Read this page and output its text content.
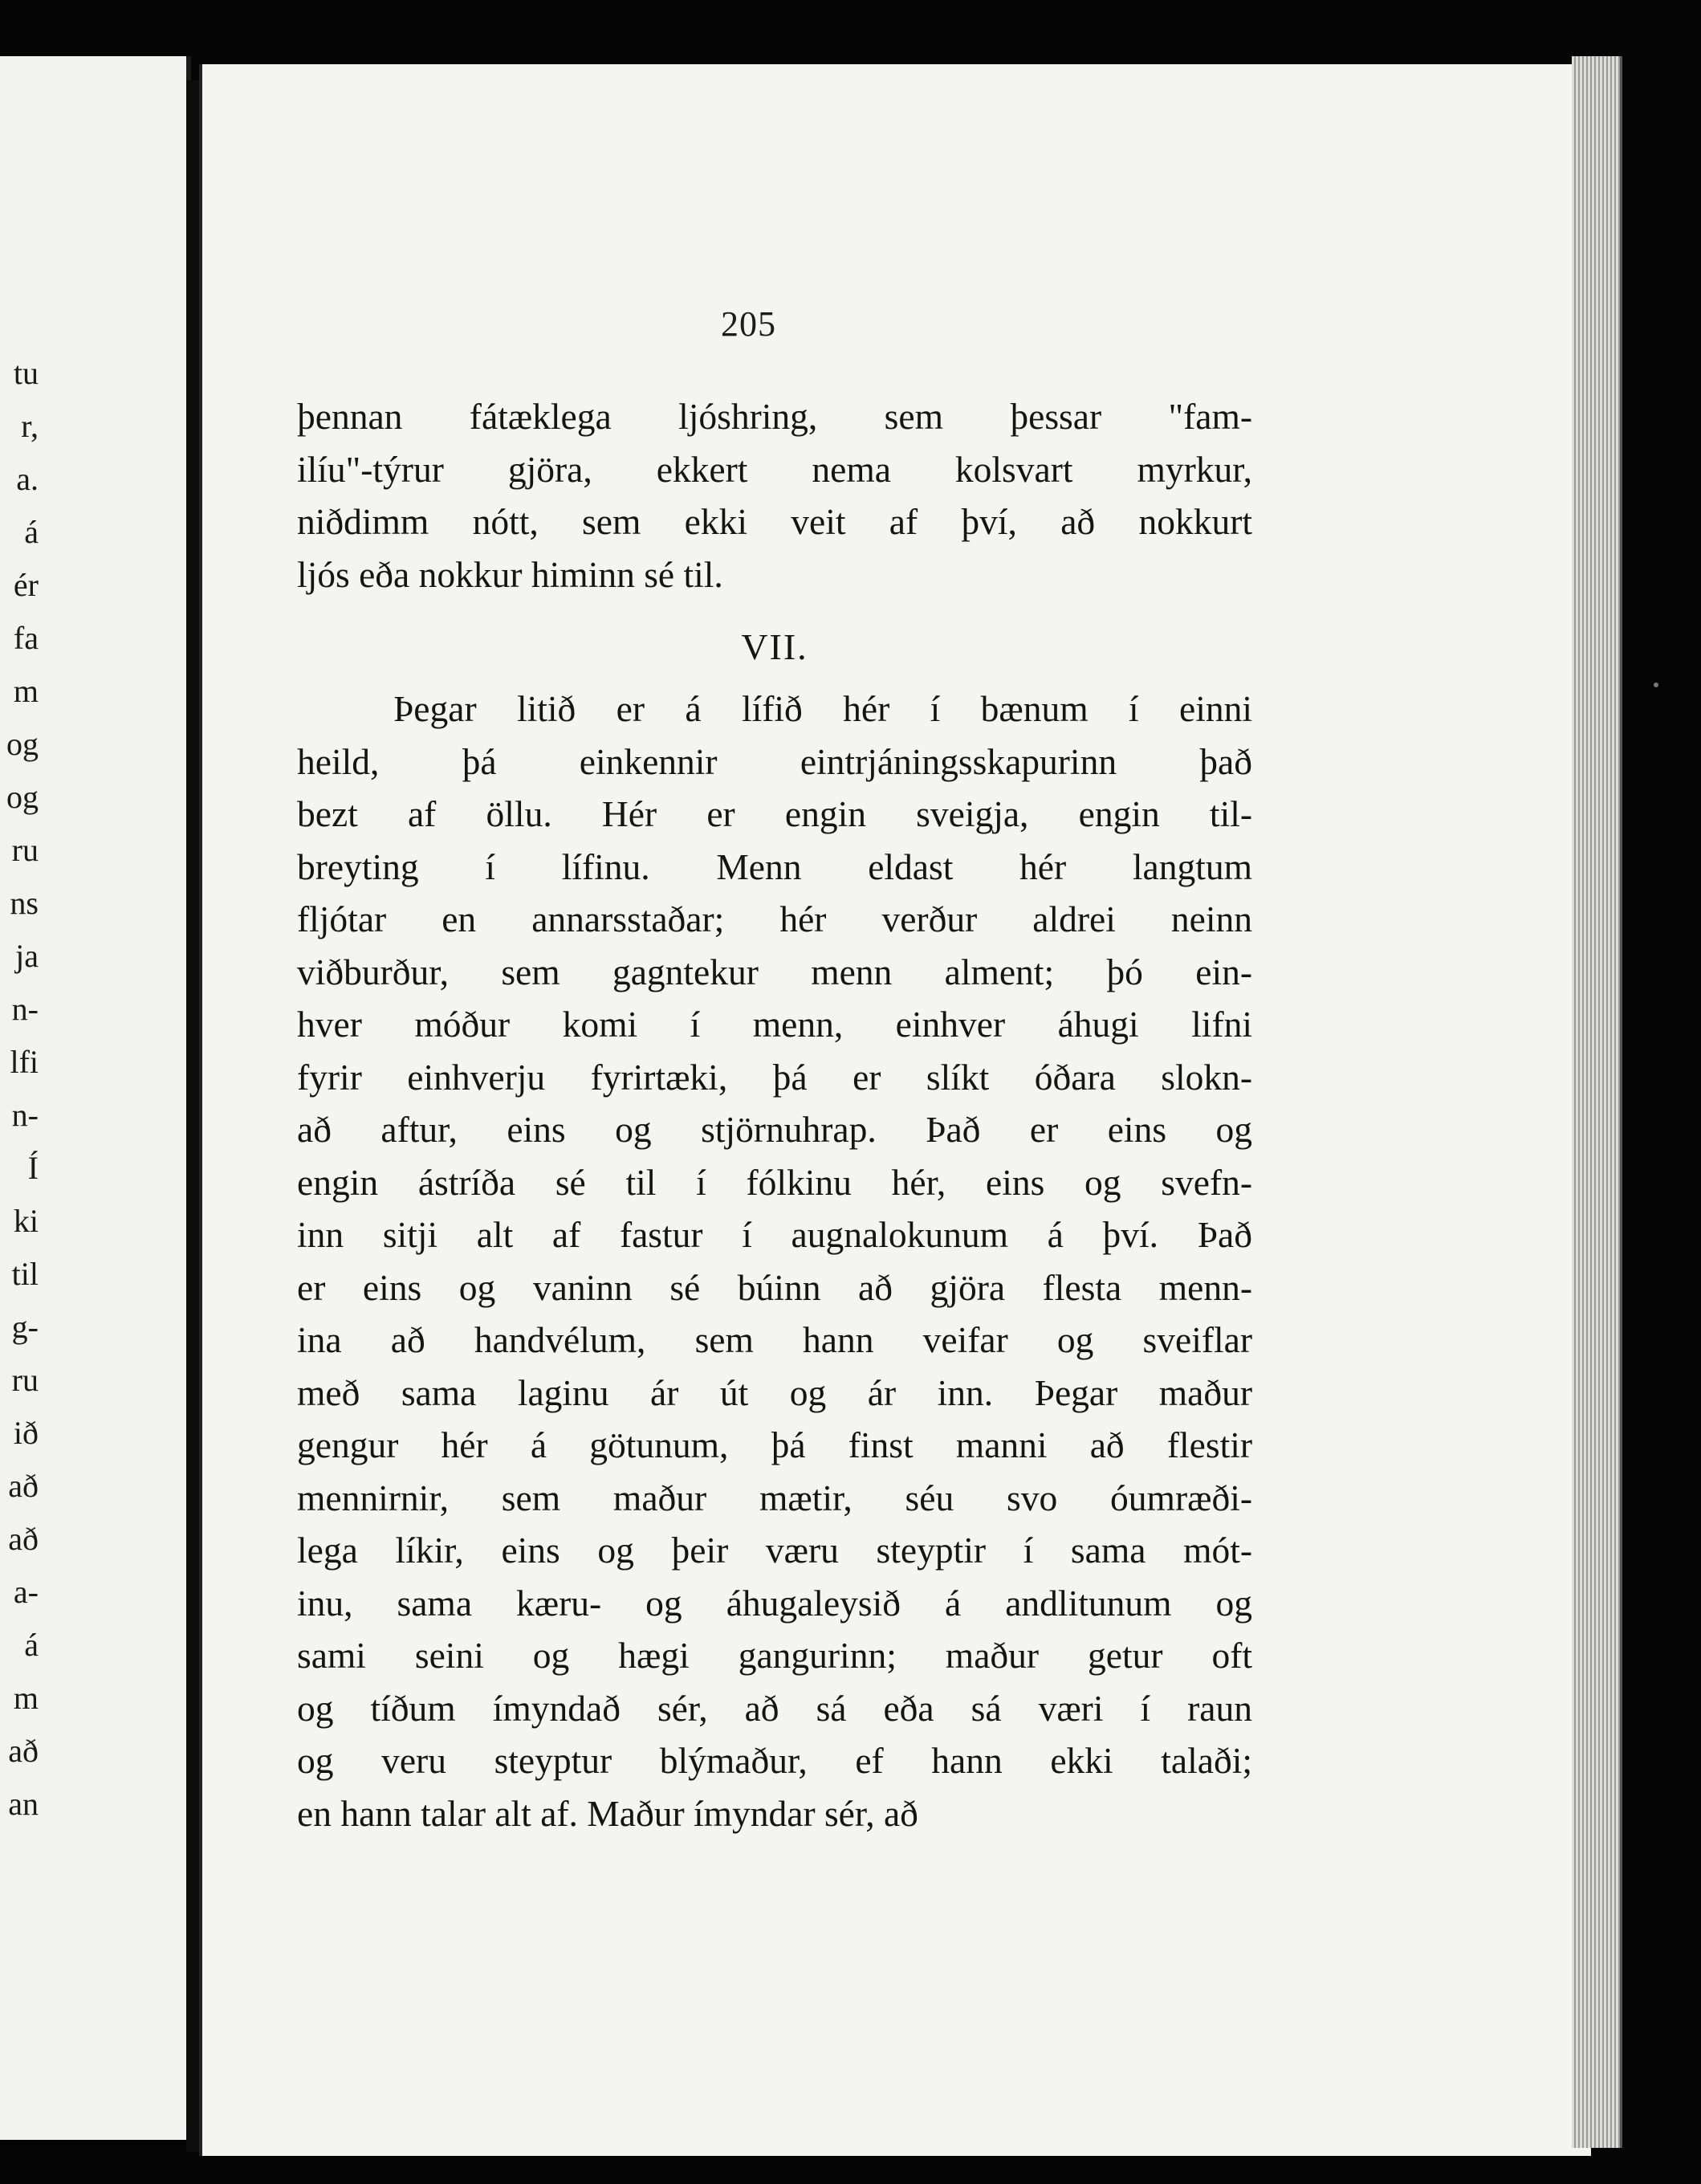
tu

r,

a.

á

ér

fa

m

og

og

ru

ns

ja

n-

lfi

n-

Í

ki

til

g-

ru

ið

að

að

a-

á

m

að

an

205
þennan fátæklega ljóshring, sem þessar "fam-
ilíu"-týrur gjöra, ekkert nema kolsvart myrkur,
niðdimm nótt, sem ekki veit af því, að nokkurt
ljós eða nokkur himinn sé til.
VII.
Þegar litið er á lífið hér í bænum í einni
heild, þá einkennir eintrjáningsskapurinn það
bezt af öllu. Hér er engin sveigja, engin til-
breyting í lífinu. Menn eldast hér langtum
fljótar en annarsstaðar; hér verður aldrei neinn
viðburður, sem gagntekur menn alment; þó ein-
hver móður komi í menn, einhver áhugi lifni
fyrir einhverju fyrirtæki, þá er slíkt óðara slokn-
að aftur, eins og stjörnuhrap. Það er eins og
engin ástríða sé til í fólkinu hér, eins og svefn-
inn sitji alt af fastur í augnalokunum á því. Það
er eins og vaninn sé búinn að gjöra flesta menn-
ina að handvélum, sem hann veifar og sveiflar
með sama laginu ár út og ár inn. Þegar maður
gengur hér á götunum, þá finst manni að flestir
mennirnir, sem maður mætir, séu svo óumræði-
lega líkir, eins og þeir væru steyptir í sama mót-
inu, sama kæru- og áhugaleysið á andlitunum og
sami seini og hægi gangurinn; maður getur oft
og tíðum ímyndað sér, að sá eða sá væri í raun
og veru steyptur blýmaður, ef hann ekki talaði;
en hann talar alt af. Maður ímyndar sér, að
